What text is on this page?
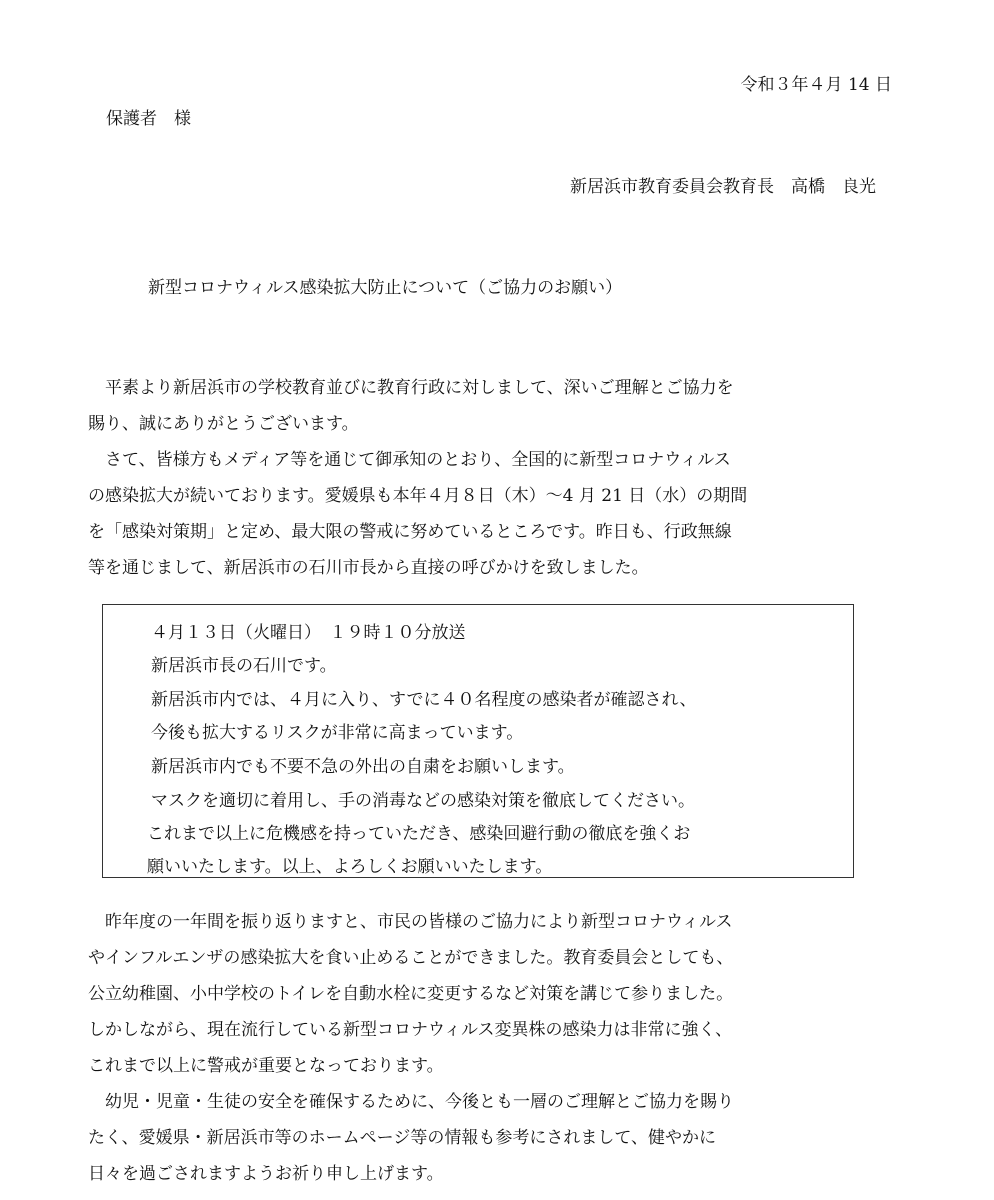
令和３年４月 14 日
保護者　様
新居浜市教育委員会教育長　高橋　良光
新型コロナウィルス感染拡大防止について（ご協力のお願い）
　平素より新居浜市の学校教育並びに教育行政に対しまして、深いご理解とご協力を
賜り、誠にありがとうございます。
　さて、皆様方もメディア等を通じて御承知のとおり、全国的に新型コロナウィルス
の感染拡大が続いております。愛媛県も本年４月８日（木）～4 月 21 日（水）の期間
を「感染対策期」と定め、最大限の警戒に努めているところです。昨日も、行政無線
等を通じまして、新居浜市の石川市長から直接の呼びかけを致しました。
４月１３日（火曜日）　１９時１０分放送
新居浜市長の石川です。
新居浜市内では、４月に入り、すでに４０名程度の感染者が確認され、
今後も拡大するリスクが非常に高まっています。
新居浜市内でも不要不急の外出の自粛をお願いします。
マスクを適切に着用し、手の消毒などの感染対策を徹底してください。
これまで以上に危機感を持っていただき、感染回避行動の徹底を強くお
願いいたします。以上、よろしくお願いいたします。
　昨年度の一年間を振り返りますと、市民の皆様のご協力により新型コロナウィルス
やインフルエンザの感染拡大を食い止めることができました。教育委員会としても、
公立幼稚園、小中学校のトイレを自動水栓に変更するなど対策を講じて参りました。
しかしながら、現在流行している新型コロナウィルス変異株の感染力は非常に強く、
これまで以上に警戒が重要となっております。
　幼児・児童・生徒の安全を確保するために、今後とも一層のご理解とご協力を賜り
たく、愛媛県・新居浜市等のホームページ等の情報も参考にされまして、健やかに
日々を過ごされますようお祈り申し上げます。
